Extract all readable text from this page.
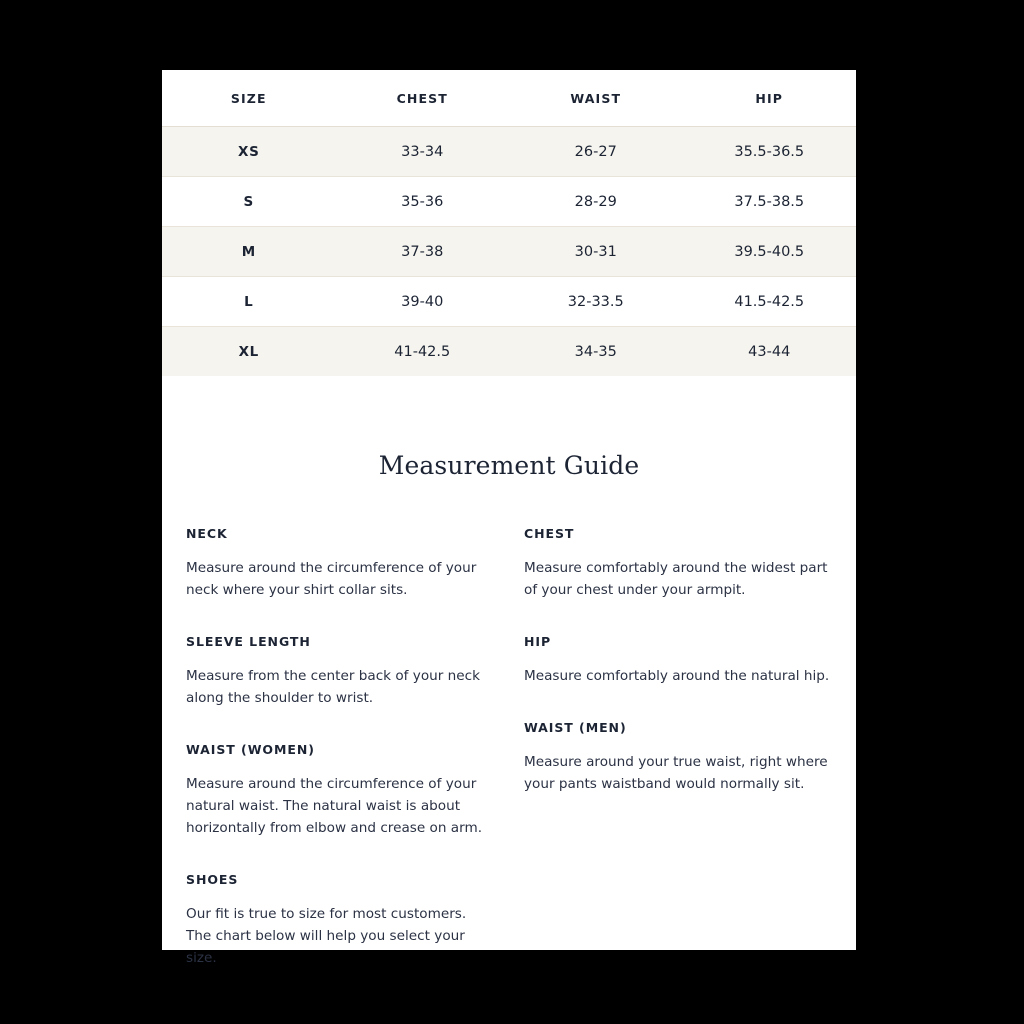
SIZE	CHEST	WAIST	HIP
XS	33-34	26-27	35.5-36.5
S	35-36	28-29	37.5-38.5
M	37-38	30-31	39.5-40.5
L	39-40	32-33.5	41.5-42.5
XL	41-42.5	34-35	43-44
Measurement Guide
NECK
Measure around the circumference of your neck where your shirt collar sits.
SLEEVE LENGTH
Measure from the center back of your neck along the shoulder to wrist.
WAIST (WOMEN)
Measure around the circumference of your natural waist. The natural waist is about horizontally from elbow and crease on arm.
SHOES
Our fit is true to size for most customers. The chart below will help you select your size.
CHEST
Measure comfortably around the widest part of your chest under your armpit.
HIP
Measure comfortably around the natural hip.
WAIST (MEN)
Measure around your true waist, right where your pants waistband would normally sit.
